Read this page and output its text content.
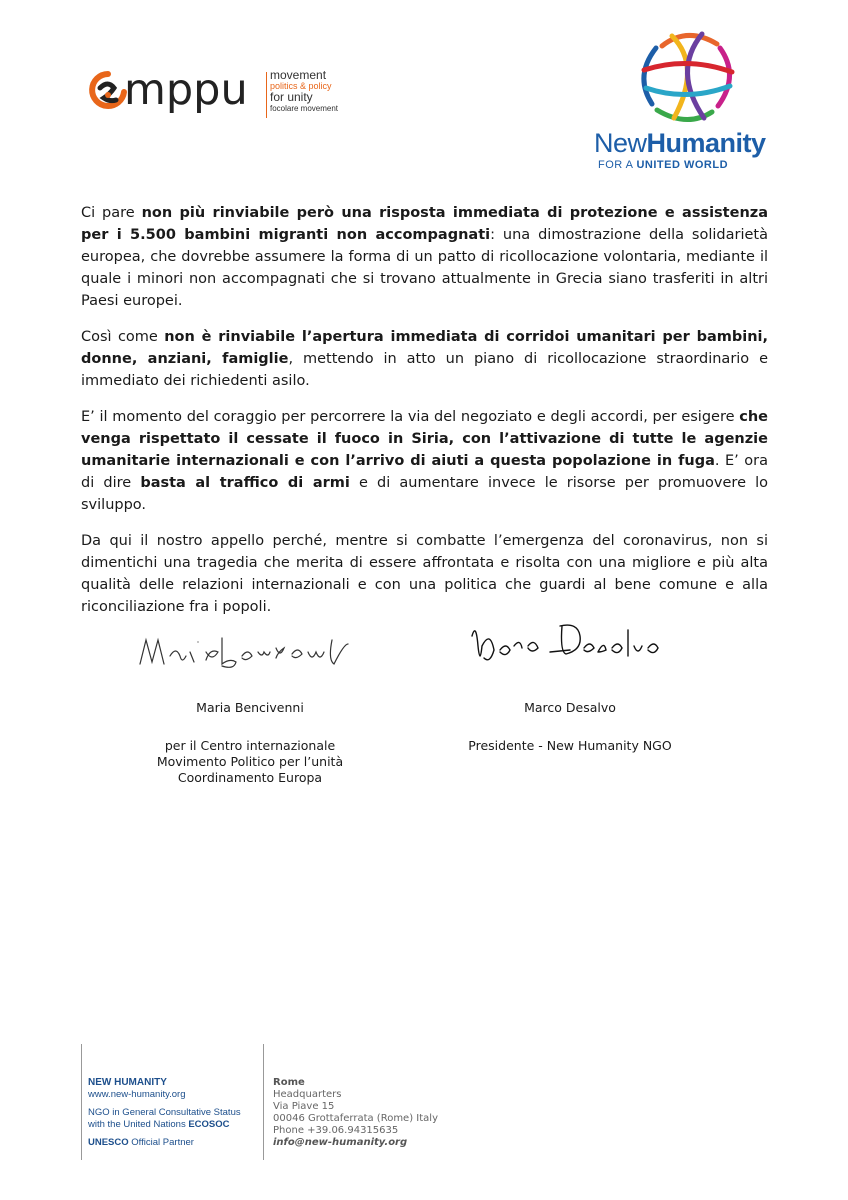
mppu movement
politics & policy
for unity
focolare movement
NewHumanity
FOR A UNITED WORLD

Ci pare non più rinviabile però una risposta immediata di protezione e assistenza per i 5.500 bambini migranti non accompagnati: una dimostrazione della solidarietà europea, che dovrebbe assumere la forma di un patto di ricollocazione volontaria, mediante il quale i minori non accompagnati che si trovano attualmente in Grecia siano trasferiti in altri Paesi europei.

Così come non è rinviabile l’apertura immediata di corridoi umanitari per bambini, donne, anziani, famiglie, mettendo in atto un piano di ricollocazione straordinario e immediato dei richiedenti asilo.

E’ il momento del coraggio per percorrere la via del negoziato e degli accordi, per esigere che venga rispettato il cessate il fuoco in Siria, con l’attivazione di tutte le agenzie umanitarie internazionali e con l’arrivo di aiuti a questa popolazione in fuga. E’ ora di dire basta al traffico di armi e di aumentare invece le risorse per promuovere lo sviluppo.

Da qui il nostro appello perché, mentre si combatte l’emergenza del coronavirus, non si dimentichi una tragedia che merita di essere affrontata e risolta con una migliore e più alta qualità delle relazioni internazionali e con una politica che guardi al bene comune e alla riconciliazione fra i popoli.

Maria Bencivenni
per il Centro internazionale
Movimento Politico per l’unità
Coordinamento Europa
Marco Desalvo
Presidente - New Humanity NGO
NEW HUMANITY
www.new-humanity.org
NGO in General Consultative Status
with the United Nations ECOSOC
UNESCO Official Partner
Rome
Headquarters
Via Piave 15
00046 Grottaferrata (Rome) Italy
Phone +39.06.94315635
info@new-humanity.org
